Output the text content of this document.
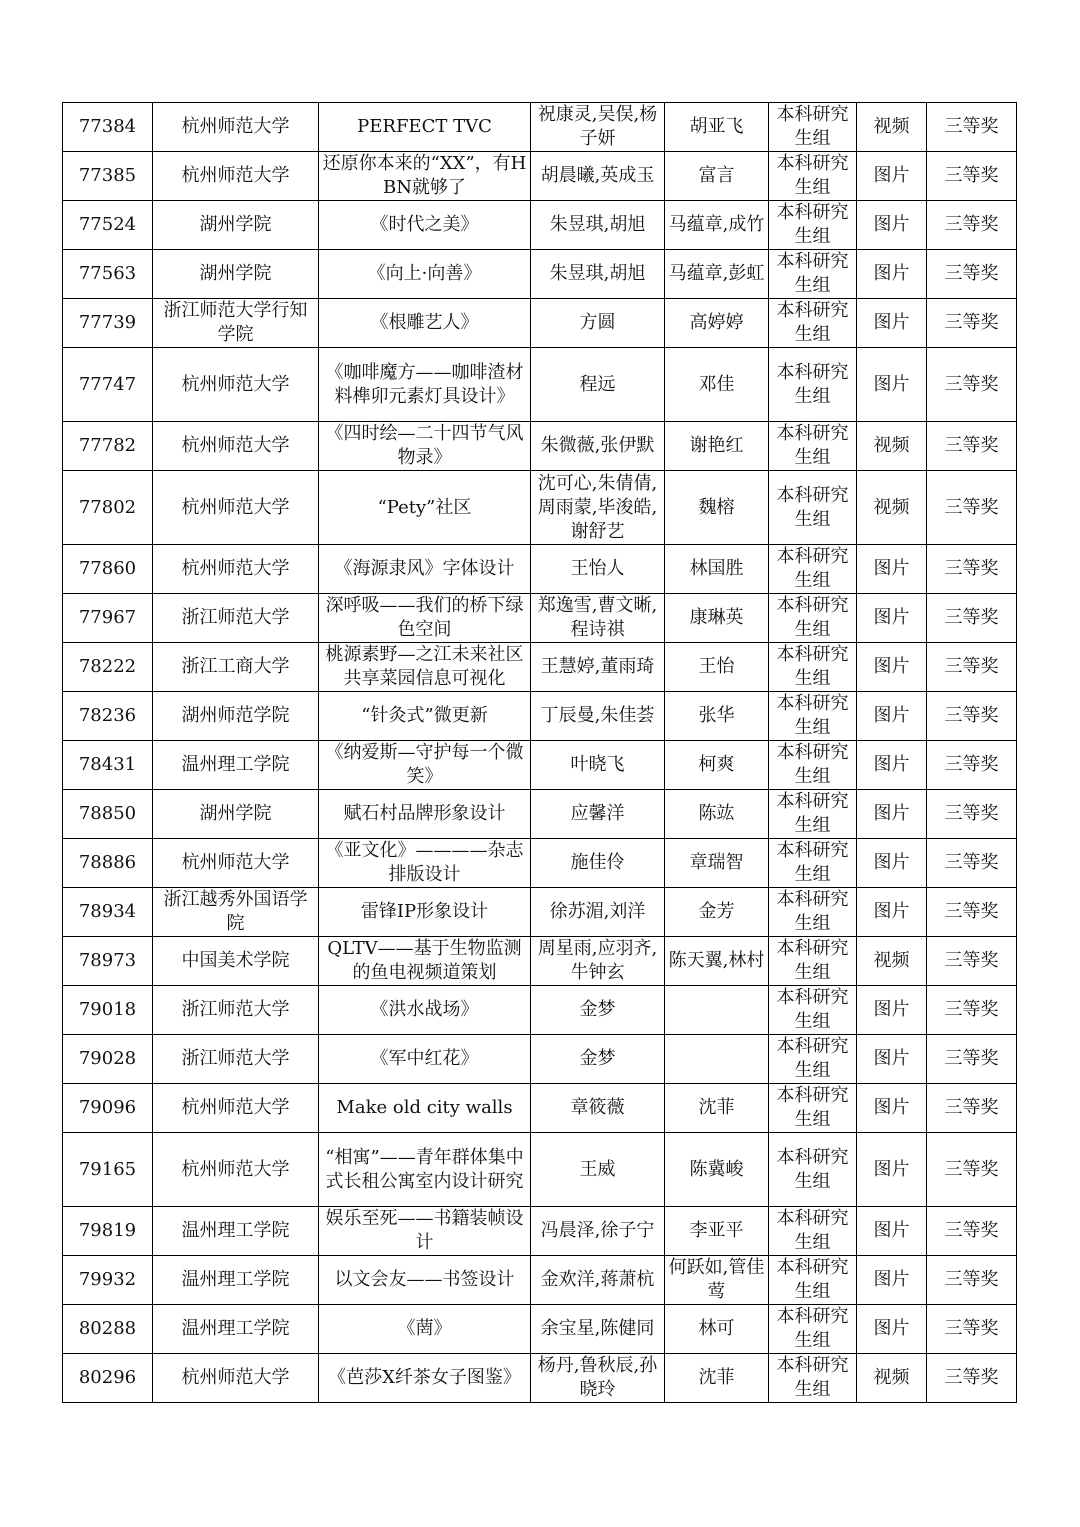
77384	杭州师范大学	PERFECT TVC	祝康灵,吴俣,杨子妍	胡亚飞	本科研究生组	视频	三等奖
77385	杭州师范大学	还原你本来的“XX”，有HBN就够了	胡晨曦,英成玉	富言	本科研究生组	图片	三等奖
77524	湖州学院	《时代之美》	朱昱琪,胡旭	马蕴章,成竹	本科研究生组	图片	三等奖
77563	湖州学院	《向上·向善》	朱昱琪,胡旭	马蕴章,彭虹	本科研究生组	图片	三等奖
77739	浙江师范大学行知学院	《根雕艺人》	方圆	高婷婷	本科研究生组	图片	三等奖
77747	杭州师范大学	《咖啡魔方——咖啡渣材料榫卯元素灯具设计》	程远	邓佳	本科研究生组	图片	三等奖
77782	杭州师范大学	《四时绘—二十四节气风物录》	朱微薇,张伊默	谢艳红	本科研究生组	视频	三等奖
77802	杭州师范大学	“Pety”社区	沈可心,朱倩倩,周雨蒙,毕浚皓,谢舒艺	魏榕	本科研究生组	视频	三等奖
77860	杭州师范大学	《海源隶风》字体设计	王怡人	林国胜	本科研究生组	图片	三等奖
77967	浙江师范大学	深呼吸——我们的桥下绿色空间	郑逸雪,曹文晰,程诗祺	康琳英	本科研究生组	图片	三等奖
78222	浙江工商大学	桃源素野—之江未来社区共享菜园信息可视化	王慧婷,董雨琦	王怡	本科研究生组	图片	三等奖
78236	湖州师范学院	“针灸式”微更新	丁辰曼,朱佳荟	张华	本科研究生组	图片	三等奖
78431	温州理工学院	《纳爱斯—守护每一个微笑》	叶晓飞	柯爽	本科研究生组	图片	三等奖
78850	湖州学院	赋石村品牌形象设计	应馨洋	陈竑	本科研究生组	图片	三等奖
78886	杭州师范大学	《亚文化》————杂志排版设计	施佳伶	章瑞智	本科研究生组	图片	三等奖
78934	浙江越秀外国语学院	雷锋IP形象设计	徐苏湄,刘洋	金芳	本科研究生组	图片	三等奖
78973	中国美术学院	QLTV——基于生物监测的鱼电视频道策划	周星雨,应羽齐,牛钟玄	陈天翼,林村	本科研究生组	视频	三等奖
79018	浙江师范大学	《洪水战场》	金梦		本科研究生组	图片	三等奖
79028	浙江师范大学	《军中红花》	金梦		本科研究生组	图片	三等奖
79096	杭州师范大学	Make old city walls	章筱薇	沈菲	本科研究生组	图片	三等奖
79165	杭州师范大学	“相寓”——青年群体集中式长租公寓室内设计研究	王威	陈冀峻	本科研究生组	图片	三等奖
79819	温州理工学院	娱乐至死——书籍装帧设计	冯晨泽,徐子宁	李亚平	本科研究生组	图片	三等奖
79932	温州理工学院	以文会友——书签设计	金欢洋,蒋萧杭	何跃如,管佳莺	本科研究生组	图片	三等奖
80288	温州理工学院	《菵》	余宝星,陈健同	林可	本科研究生组	图片	三等奖
80296	杭州师范大学	《芭莎X纤茶女子图鉴》	杨丹,鲁秋辰,孙晓玲	沈菲	本科研究生组	视频	三等奖
